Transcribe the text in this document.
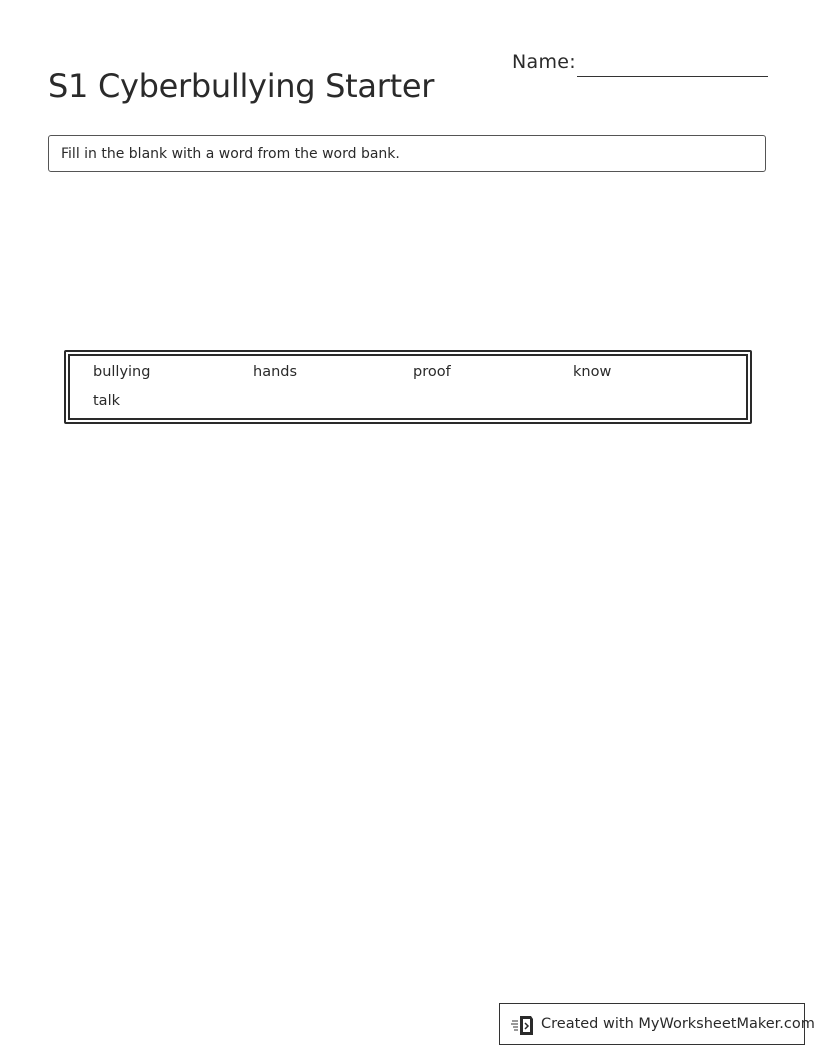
S1 Cyberbullying Starter
Name:
Fill in the blank with a word from the word bank.
bullying	hands	proof	know
talk
Created with MyWorksheetMaker.com
